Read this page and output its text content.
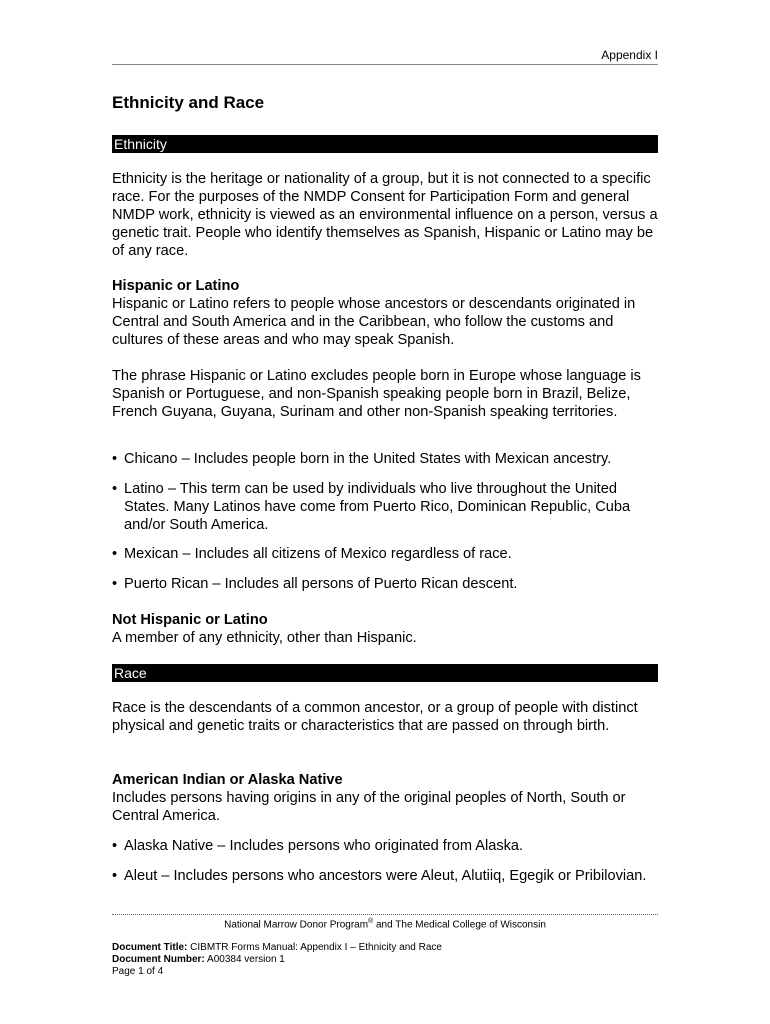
Appendix I
Ethnicity and Race
Ethnicity

Ethnicity is the heritage or nationality of a group, but it is not connected to a specific race. For the purposes of the NMDP Consent for Participation Form and general NMDP work, ethnicity is viewed as an environmental influence on a person, versus a genetic trait. People who identify themselves as Spanish, Hispanic or Latino may be of any race.

Hispanic or Latino

Hispanic or Latino refers to people whose ancestors or descendants originated in Central and South America and in the Caribbean, who follow the customs and cultures of these areas and who may speak Spanish.

The phrase Hispanic or Latino excludes people born in Europe whose language is Spanish or Portuguese, and non-Spanish speaking people born in Brazil, Belize, French Guyana, Guyana, Surinam and other non-Spanish speaking territories.

• Chicano – Includes people born in the United States with Mexican ancestry.
• Latino – This term can be used by individuals who live throughout the United States. Many Latinos have come from Puerto Rico, Dominican Republic, Cuba and/or South America.
• Mexican – Includes all citizens of Mexico regardless of race.
• Puerto Rican – Includes all persons of Puerto Rican descent.

Not Hispanic or Latino

A member of any ethnicity, other than Hispanic.

Race

Race is the descendants of a common ancestor, or a group of people with distinct physical and genetic traits or characteristics that are passed on through birth.

American Indian or Alaska Native

Includes persons having origins in any of the original peoples of North, South or Central America.

• Alaska Native – Includes persons who originated from Alaska.
• Aleut – Includes persons who ancestors were Aleut, Alutiiq, Egegik or Pribilovian.
National Marrow Donor Program® and The Medical College of Wisconsin
Document Title: CIBMTR Forms Manual: Appendix I – Ethnicity and Race
Document Number: A00384 version 1
Page 1 of 4
